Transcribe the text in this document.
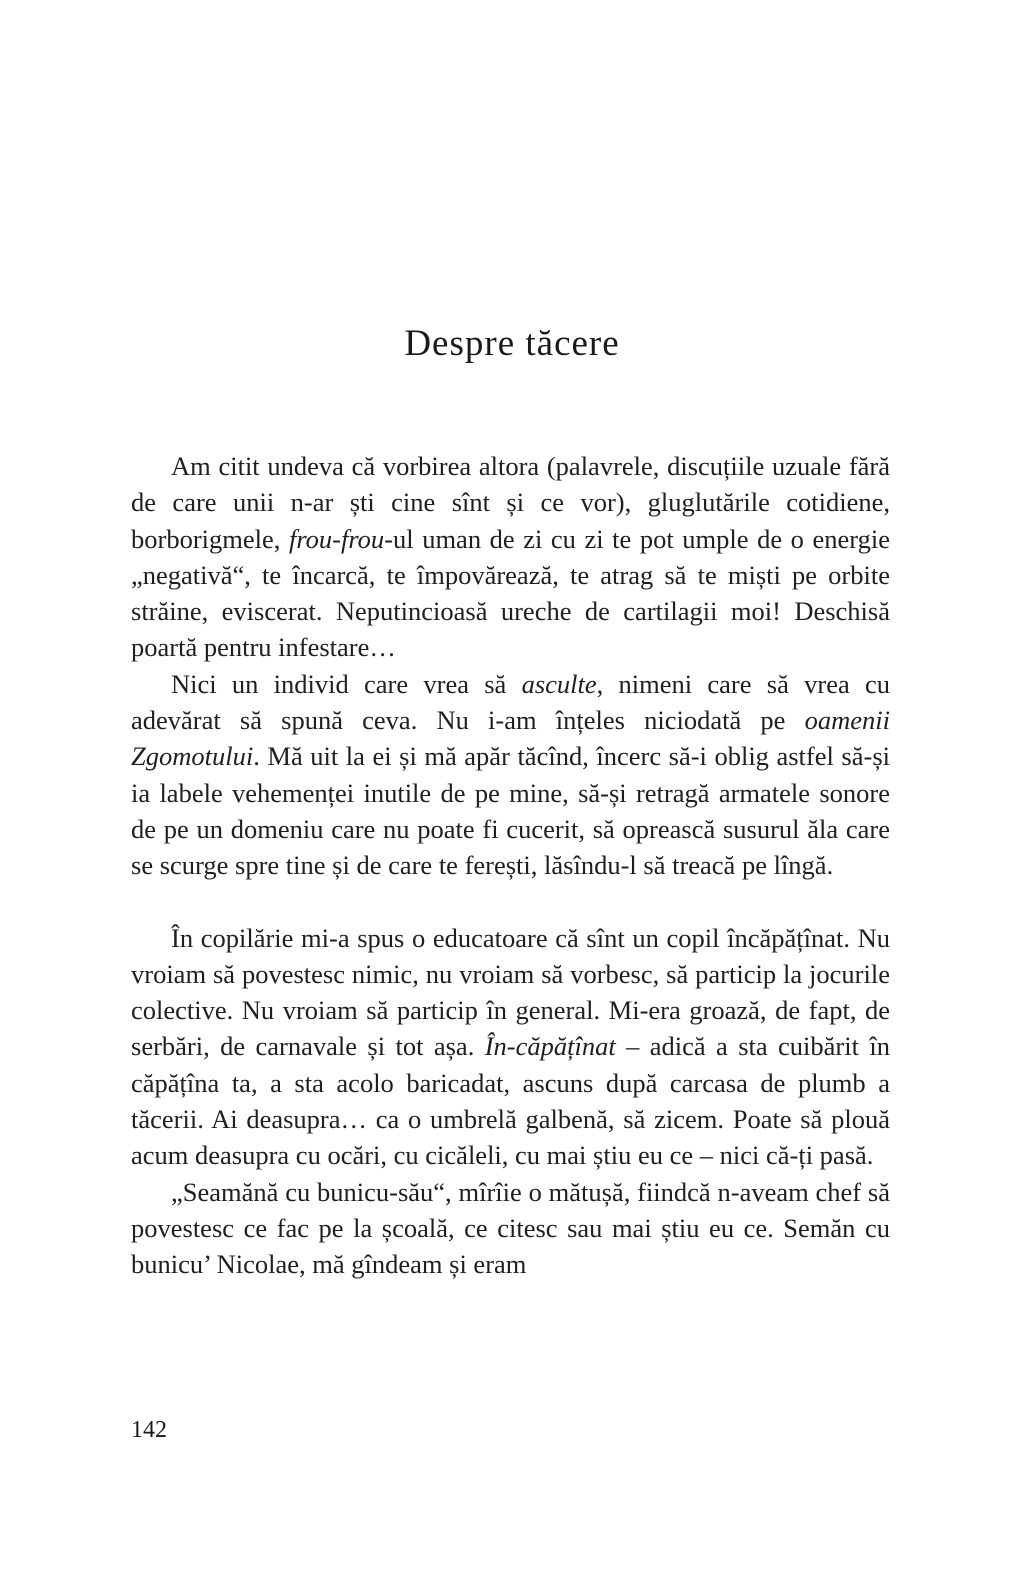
Despre tăcere

Am citit undeva că vorbirea altora (palavrele, discuțiile uzuale fără de care unii n-ar ști cine sînt și ce vor), gluglutările cotidiene, borborigmele, frou-frou-ul uman de zi cu zi te pot umple de o energie „negativă“, te încarcă, te împovărează, te atrag să te miști pe orbite străine, eviscerat. Neputincioasă ureche de cartilagii moi! Deschisă poartă pentru infestare…

Nici un individ care vrea să asculte, nimeni care să vrea cu adevărat să spună ceva. Nu i-am înțeles niciodată pe oamenii Zgomotului. Mă uit la ei și mă apăr tăcînd, încerc să-i oblig astfel să-și ia labele vehemenței inutile de pe mine, să-și retragă armatele sonore de pe un domeniu care nu poate fi cucerit, să oprească susurul ăla care se scurge spre tine și de care te ferești, lăsîndu-l să treacă pe lîngă.

În copilărie mi-a spus o educatoare că sînt un copil încăpățînat. Nu vroiam să povestesc nimic, nu vroiam să vorbesc, să particip la jocurile colective. Nu vroiam să particip în general. Mi-era groază, de fapt, de serbări, de carnavale și tot așa. În-căpățînat – adică a sta cuibărit în căpățîna ta, a sta acolo baricadat, ascuns după carcasa de plumb a tăcerii. Ai deasupra… ca o umbrelă galbenă, să zicem. Poate să plouă acum deasupra cu ocări, cu cicăleli, cu mai știu eu ce – nici că-ți pasă.

„Seamănă cu bunicu-său“, mîrîie o mătușă, fiindcă n-aveam chef să povestesc ce fac pe la școală, ce citesc sau mai știu eu ce. Semăn cu bunicu’ Nicolae, mă gîndeam și eram

142
